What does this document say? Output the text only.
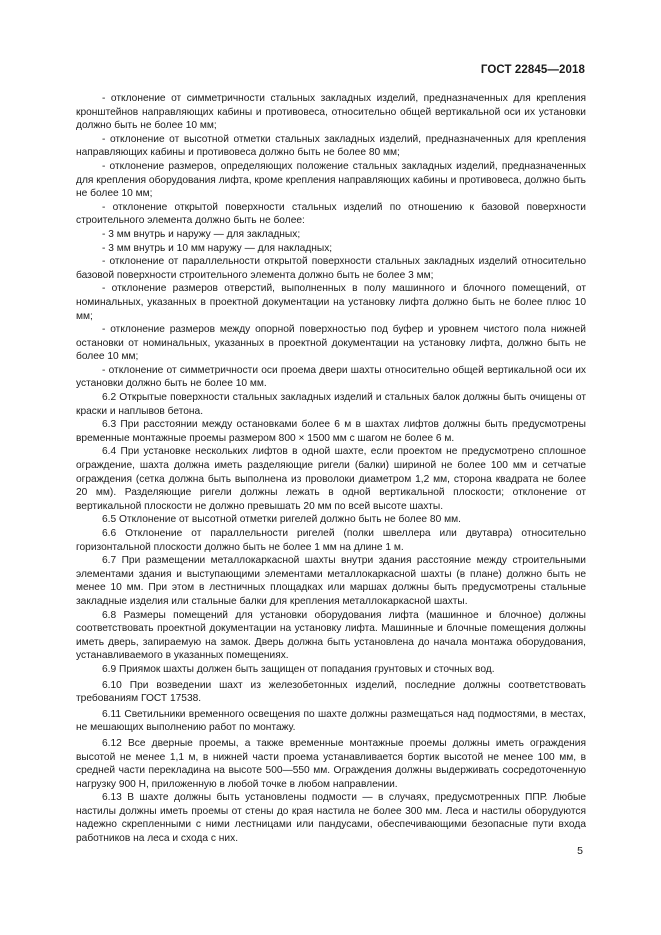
ГОСТ 22845—2018

- отклонение от симметричности стальных закладных изделий, предназначенных для крепления кронштейнов направляющих кабины и противовеса, относительно общей вертикальной оси их установки должно быть не более 10 мм;

- отклонение от высотной отметки стальных закладных изделий, предназначенных для крепления направляющих кабины и противовеса должно быть не более 80 мм;

- отклонение размеров, определяющих положение стальных закладных изделий, предназначенных для крепления оборудования лифта, кроме крепления направляющих кабины и противовеса, должно быть не более 10 мм;

- отклонение открытой поверхности стальных изделий по отношению к базовой поверхности строительного элемента должно быть не более:

- 3 мм внутрь и наружу — для закладных;

- 3 мм внутрь и 10 мм наружу — для накладных;

- отклонение от параллельности открытой поверхности стальных закладных изделий относительно базовой поверхности строительного элемента должно быть не более 3 мм;

- отклонение размеров отверстий, выполненных в полу машинного и блочного помещений, от номинальных, указанных в проектной документации на установку лифта должно быть не более плюс 10 мм;

- отклонение размеров между опорной поверхностью под буфер и уровнем чистого пола нижней остановки от номинальных, указанных в проектной документации на установку лифта, должно быть не более 10 мм;

- отклонение от симметричности оси проема двери шахты относительно общей вертикальной оси их установки должно быть не более 10 мм.

6.2 Открытые поверхности стальных закладных изделий и стальных балок должны быть очищены от краски и наплывов бетона.

6.3 При расстоянии между остановками более 6 м в шахтах лифтов должны быть предусмотрены временные монтажные проемы размером 800 × 1500 мм с шагом не более 6 м.

6.4 При установке нескольких лифтов в одной шахте, если проектом не предусмотрено сплошное ограждение, шахта должна иметь разделяющие ригели (балки) шириной не более 100 мм и сетчатые ограждения (сетка должна быть выполнена из проволоки диаметром 1,2 мм, сторона квадрата не более 20 мм). Разделяющие ригели должны лежать в одной вертикальной плоскости; отклонение от вертикальной плоскости не должно превышать 20 мм по всей высоте шахты.

6.5 Отклонение от высотной отметки ригелей должно быть не более 80 мм.

6.6 Отклонение от параллельности ригелей (полки швеллера или двутавра) относительно горизонтальной плоскости должно быть не более 1 мм на длине 1 м.

6.7 При размещении металлокаркасной шахты внутри здания расстояние между строительными элементами здания и выступающими элементами металлокаркасной шахты (в плане) должно быть не менее 10 мм. При этом в лестничных площадках или маршах должны быть предусмотрены стальные закладные изделия или стальные балки для крепления металлокаркасной шахты.

6.8 Размеры помещений для установки оборудования лифта (машинное и блочное) должны соответствовать проектной документации на установку лифта. Машинные и блочные помещения должны иметь дверь, запираемую на замок. Дверь должна быть установлена до начала монтажа оборудования, устанавливаемого в указанных помещениях.

6.9 Приямок шахты должен быть защищен от попадания грунтовых и сточных вод.

6.10 При возведении шахт из железобетонных изделий, последние должны соответствовать требованиям ГОСТ 17538.

6.11 Светильники временного освещения по шахте должны размещаться над подмостями, в местах, не мешающих выполнению работ по монтажу.

6.12 Все дверные проемы, а также временные монтажные проемы должны иметь ограждения высотой не менее 1,1 м, в нижней части проема устанавливается бортик высотой не менее 100 мм, в средней части перекладина на высоте 500—550 мм. Ограждения должны выдерживать сосредоточенную нагрузку 900 Н, приложенную в любой точке в любом направлении.

6.13 В шахте должны быть установлены подмости — в случаях, предусмотренных ППР. Любые настилы должны иметь проемы от стены до края настила не более 300 мм. Леса и настилы оборудуются надежно скрепленными с ними лестницами или пандусами, обеспечивающими безопасные пути входа работников на леса и схода с них.

5
